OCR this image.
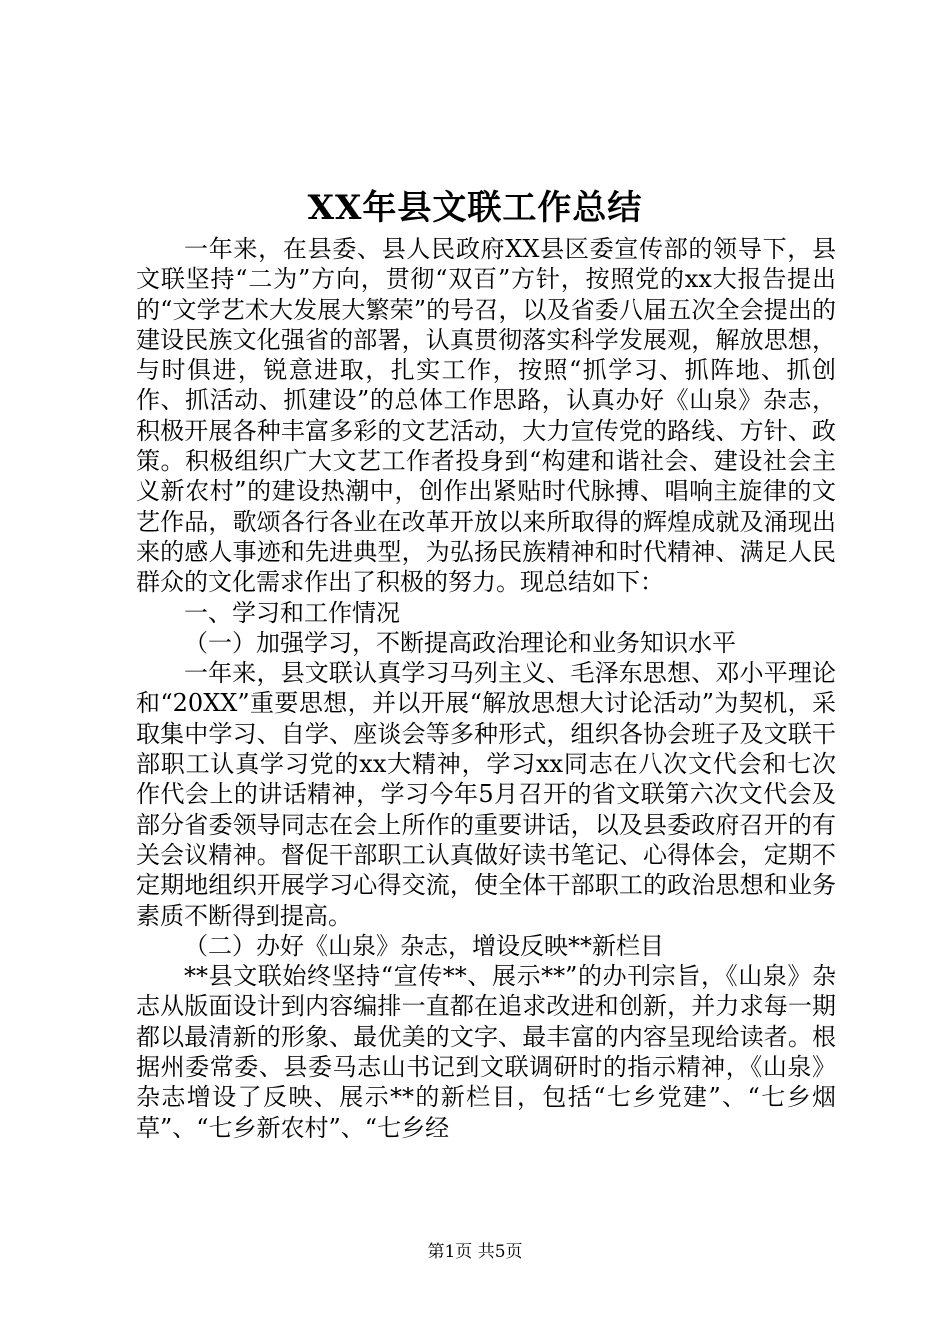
XX年县文联工作总结

一年来，在县委、县人民政府XX县区委宣传部的领导下，县文联坚持“二为”方向，贯彻“双百”方针，按照党的xx大报告提出的“文学艺术大发展大繁荣”的号召，以及省委八届五次全会提出的建设民族文化强省的部署，认真贯彻落实科学发展观，解放思想，与时俱进，锐意进取，扎实工作，按照“抓学习、抓阵地、抓创作、抓活动、抓建设”的总体工作思路，认真办好《山泉》杂志，积极开展各种丰富多彩的文艺活动，大力宣传党的路线、方针、政策。积极组织广大文艺工作者投身到“构建和谐社会、建设社会主义新农村”的建设热潮中，创作出紧贴时代脉搏、唱响主旋律的文艺作品，歌颂各行各业在改革开放以来所取得的辉煌成就及涌现出来的感人事迹和先进典型，为弘扬民族精神和时代精神、满足人民群众的文化需求作出了积极的努力。现总结如下：

一、学习和工作情况

（一）加强学习，不断提高政治理论和业务知识水平

一年来，县文联认真学习马列主义、毛泽东思想、邓小平理论和“20XX”重要思想，并以开展“解放思想大讨论活动”为契机，采取集中学习、自学、座谈会等多种形式，组织各协会班子及文联干部职工认真学习党的xx大精神，学习xx同志在八次文代会和七次作代会上的讲话精神，学习今年5月召开的省文联第六次文代会及部分省委领导同志在会上所作的重要讲话，以及县委政府召开的有关会议精神。督促干部职工认真做好读书笔记、心得体会，定期不定期地组织开展学习心得交流，使全体干部职工的政治思想和业务素质不断得到提高。

（二）办好《山泉》杂志，增设反映**新栏目

**县文联始终坚持“宣传**、展示**”的办刊宗旨，《山泉》杂志从版面设计到内容编排一直都在追求改进和创新，并力求每一期都以最清新的形象、最优美的文字、最丰富的内容呈现给读者。根据州委常委、县委马志山书记到文联调研时的指示精神，《山泉》杂志增设了反映、展示**的新栏目，包括“七乡党建”、“七乡烟草”、“七乡新农村”、“七乡经

第1页 共5页
